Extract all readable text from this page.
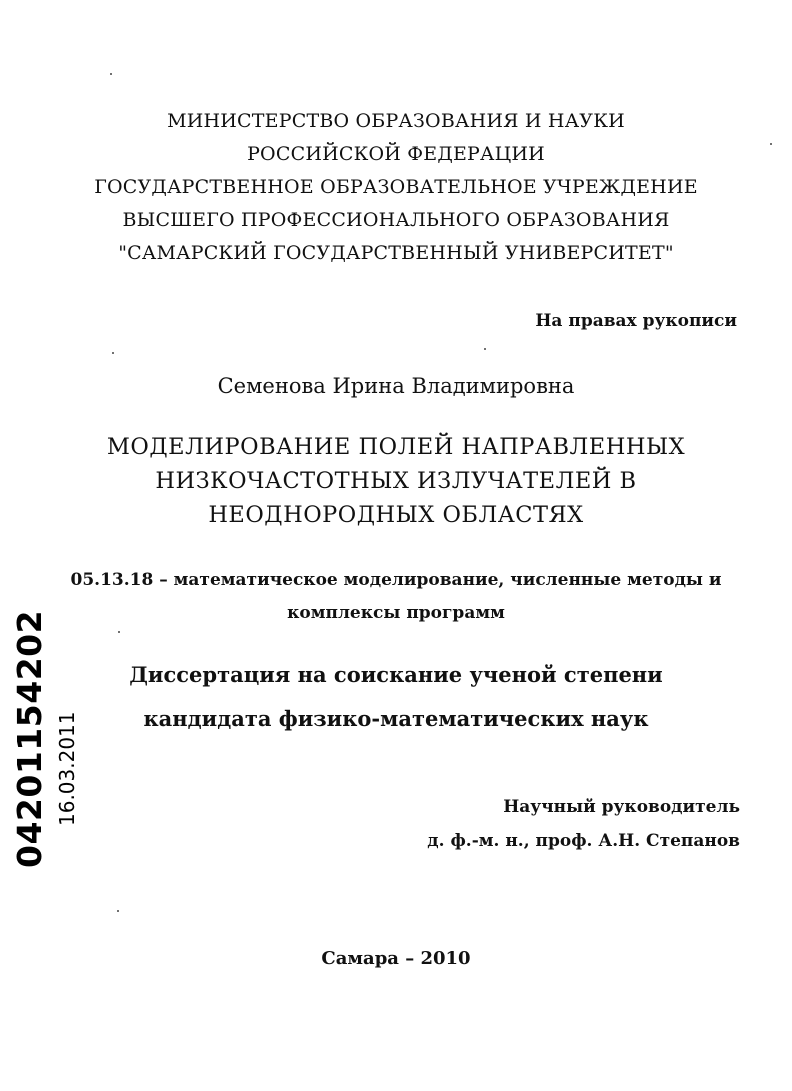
МИНИСТЕРСТВО ОБРАЗОВАНИЯ И НАУКИ
РОССИЙСКОЙ ФЕДЕРАЦИИ
ГОСУДАРСТВЕННОЕ ОБРАЗОВАТЕЛЬНОЕ УЧРЕЖДЕНИЕ
ВЫСШЕГО ПРОФЕССИОНАЛЬНОГО ОБРАЗОВАНИЯ
"САМАРСКИЙ ГОСУДАРСТВЕННЫЙ УНИВЕРСИТЕТ"
На правах рукописи
Семенова Ирина Владимировна
МОДЕЛИРОВАНИЕ ПОЛЕЙ НАПРАВЛЕННЫХ
НИЗКОЧАСТОТНЫХ ИЗЛУЧАТЕЛЕЙ В
НЕОДНОРОДНЫХ ОБЛАСТЯХ
05.13.18 – математическое моделирование, численные методы и
комплексы программ
Диссертация на соискание ученой степени
кандидата физико-математических наук
Научный руководитель
д. ф.-м. н., проф. А.Н. Степанов
Самара – 2010
04201154202 16.03.2011
